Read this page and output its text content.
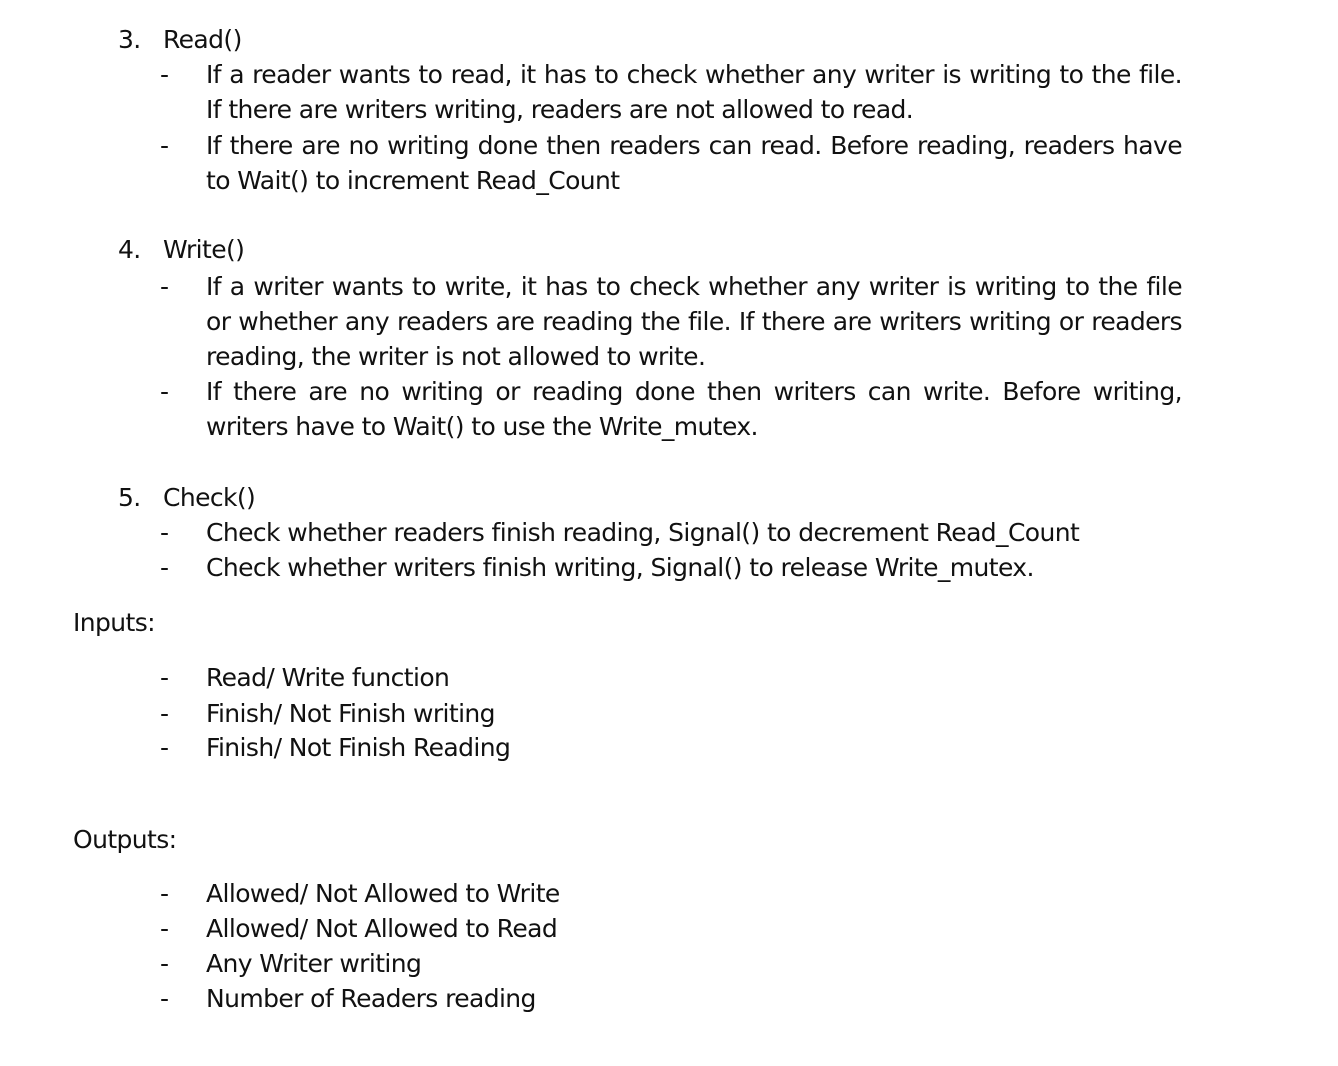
3. Read()
- If a reader wants to read, it has to check whether any writer is writing to the file. If there are writers writing, readers are not allowed to read.
- If there are no writing done then readers can read. Before reading, readers have to Wait() to increment Read_Count
4. Write()
- If a writer wants to write, it has to check whether any writer is writing to the file or whether any readers are reading the file. If there are writers writing or readers reading, the writer is not allowed to write.
- If there are no writing or reading done then writers can write. Before writing, writers have to Wait() to use the Write_mutex.
5. Check()
- Check whether readers finish reading, Signal() to decrement Read_Count
- Check whether writers finish writing, Signal() to release Write_mutex.
Inputs:
- Read/ Write function
- Finish/ Not Finish writing
- Finish/ Not Finish Reading
Outputs:
- Allowed/ Not Allowed to Write
- Allowed/ Not Allowed to Read
- Any Writer writing
- Number of Readers reading
